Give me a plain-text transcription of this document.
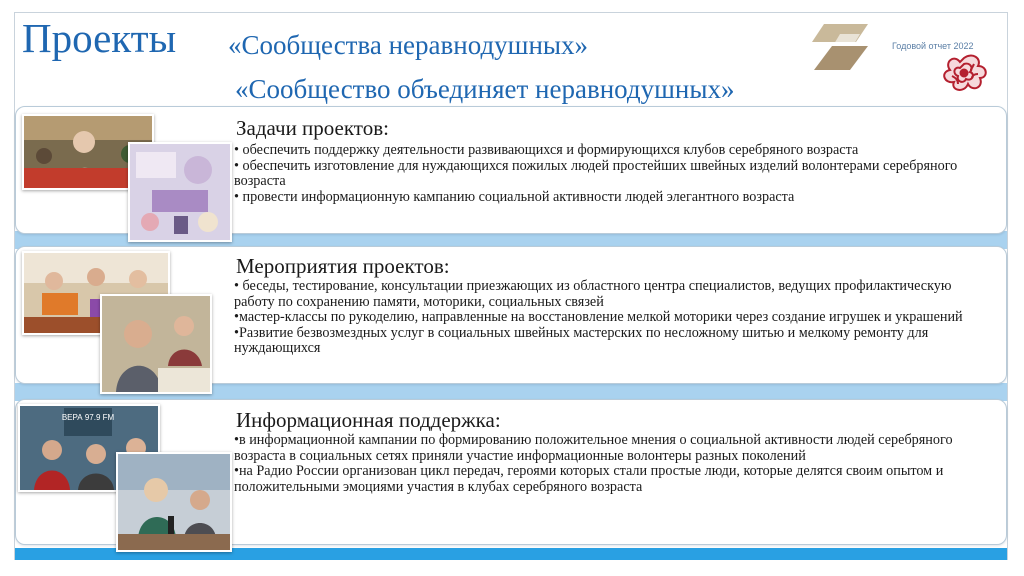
Проекты «Сообщества неравнодушных»
«Сообщество объединяет неравнодушных»
Годовой отчет 2022
Задачи проектов:
• обеспечить поддержку деятельности развивающихся и формирующихся клубов серебряного возраста
• обеспечить изготовление для нуждающихся пожилых людей простейших швейных изделий волонтерами серебряного возраста
• провести информационную кампанию социальной активности людей элегантного возраста
Мероприятия проектов:
• беседы, тестирование, консультации приезжающих из областного центра специалистов, ведущих профилактическую работу по сохранению памяти, моторики, социальных связей
•мастер-классы по рукоделию, направленные на восстановление мелкой моторики через создание игрушек и украшений
•Развитие безвозмездных услуг в социальных швейных мастерских по несложному шитью и мелкому ремонту для нуждающихся
Информационная поддержка:
•в информационной кампании по формированию положительное мнения о социальной активности людей серебряного возраста в социальных сетях приняли участие информационные волонтеры разных поколений
•на Радио России организован цикл передач, героями которых стали простые люди, которые делятся своим опытом и положительными эмоциями участия в клубах серебряного возраста
ВЕРА 97.9 FM
